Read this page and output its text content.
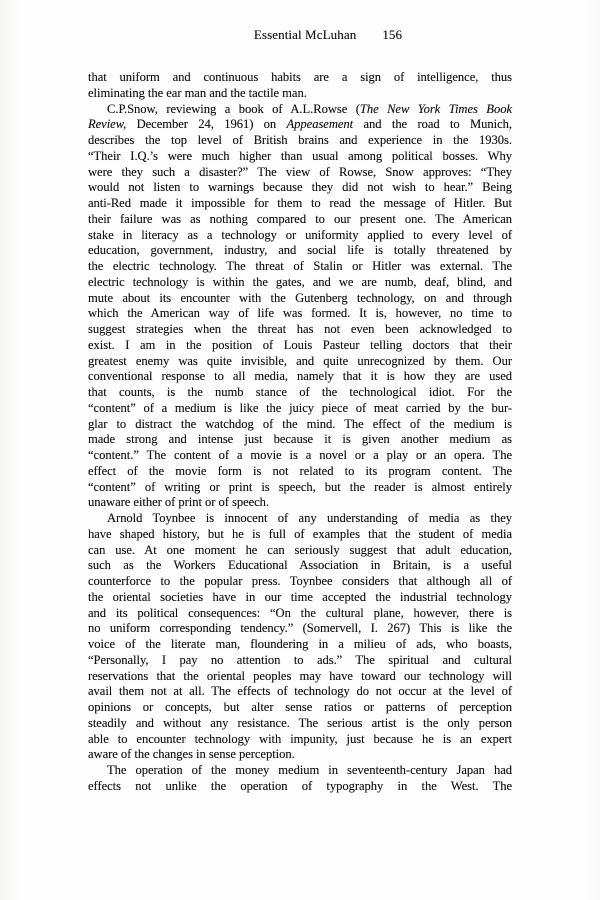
Essential McLuhan 156
that uniform and continuous habits are a sign of intelligence, thus
eliminating the ear man and the tactile man.
C.P.Snow, reviewing a book of A.L.Rowse (The New York Times Book
Review, December 24, 1961) on Appeasement and the road to Munich,
describes the top level of British brains and experience in the 1930s.
“Their I.Q.’s were much higher than usual among political bosses. Why
were they such a disaster?” The view of Rowse, Snow approves: “They
would not listen to warnings because they did not wish to hear.” Being
anti-Red made it impossible for them to read the message of Hitler. But
their failure was as nothing compared to our present one. The American
stake in literacy as a technology or uniformity applied to every level of
education, government, industry, and social life is totally threatened by
the electric technology. The threat of Stalin or Hitler was external. The
electric technology is within the gates, and we are numb, deaf, blind, and
mute about its encounter with the Gutenberg technology, on and through
which the American way of life was formed. It is, however, no time to
suggest strategies when the threat has not even been acknowledged to
exist. I am in the position of Louis Pasteur telling doctors that their
greatest enemy was quite invisible, and quite unrecognized by them. Our
conventional response to all media, namely that it is how they are used
that counts, is the numb stance of the technological idiot. For the
“content” of a medium is like the juicy piece of meat carried by the bur-
glar to distract the watchdog of the mind. The effect of the medium is
made strong and intense just because it is given another medium as
“content.” The content of a movie is a novel or a play or an opera. The
effect of the movie form is not related to its program content. The
“content” of writing or print is speech, but the reader is almost entirely
unaware either of print or of speech.
Arnold Toynbee is innocent of any understanding of media as they
have shaped history, but he is full of examples that the student of media
can use. At one moment he can seriously suggest that adult education,
such as the Workers Educational Association in Britain, is a useful
counterforce to the popular press. Toynbee considers that although all of
the oriental societies have in our time accepted the industrial technology
and its political consequences: “On the cultural plane, however, there is
no uniform corresponding tendency.” (Somervell, I. 267) This is like the
voice of the literate man, floundering in a milieu of ads, who boasts,
“Personally, I pay no attention to ads.” The spiritual and cultural
reservations that the oriental peoples may have toward our technology will
avail them not at all. The effects of technology do not occur at the level of
opinions or concepts, but alter sense ratios or patterns of perception
steadily and without any resistance. The serious artist is the only person
able to encounter technology with impunity, just because he is an expert
aware of the changes in sense perception.
The operation of the money medium in seventeenth-century Japan had
effects not unlike the operation of typography in the West. The
